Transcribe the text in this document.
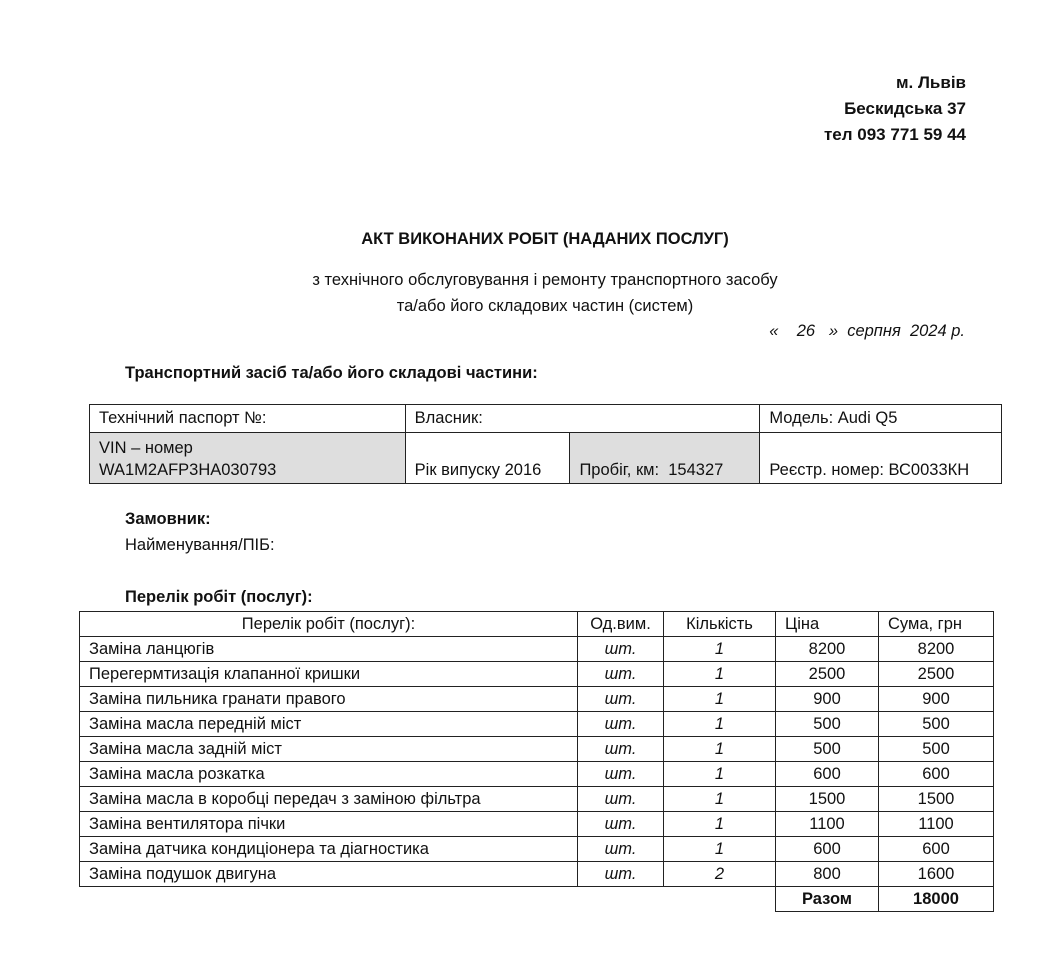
м. Львів
Бескидська 37
тел 093 771 59 44
АКТ ВИКОНАНИХ РОБІТ (НАДАНИХ ПОСЛУГ)
з технічного обслуговування і ремонту транспортного засобу
та/або його складових частин (систем)
«    26   »  серпня  2024 р.
Транспортний засіб та/або його складові частини:
Технічний паспорт №:	Власник:		Модель: Audi Q5

VIN – номер
WA1M2AFP3HA030793	Рік випуску 2016	Пробіг, км:  154327	Реєстр. номер: ВС0033КН
Замовник:
Найменування/ПІБ:
Перелік робіт (послуг):
Перелік робіт (послуг):	Од.вим.	Кількість	Ціна	Сума, грн
Заміна ланцюгів	шт.	1	8200	8200
Перегермтизація клапанної кришки	шт.	1	2500	2500
Заміна пильника гранати правого	шт.	1	900	900
Заміна масла передній міст	шт.	1	500	500
Заміна масла задній міст	шт.	1	500	500
Заміна масла розкатка	шт.	1	600	600
Заміна масла в коробці передач з заміною фільтра	шт.	1	1500	1500
Заміна вентилятора пічки	шт.	1	1100	1100
Заміна датчика кондиціонера та діагностика	шт.	1	600	600
Заміна подушок двигуна	шт.	2	800	1600
			Разом	18000
